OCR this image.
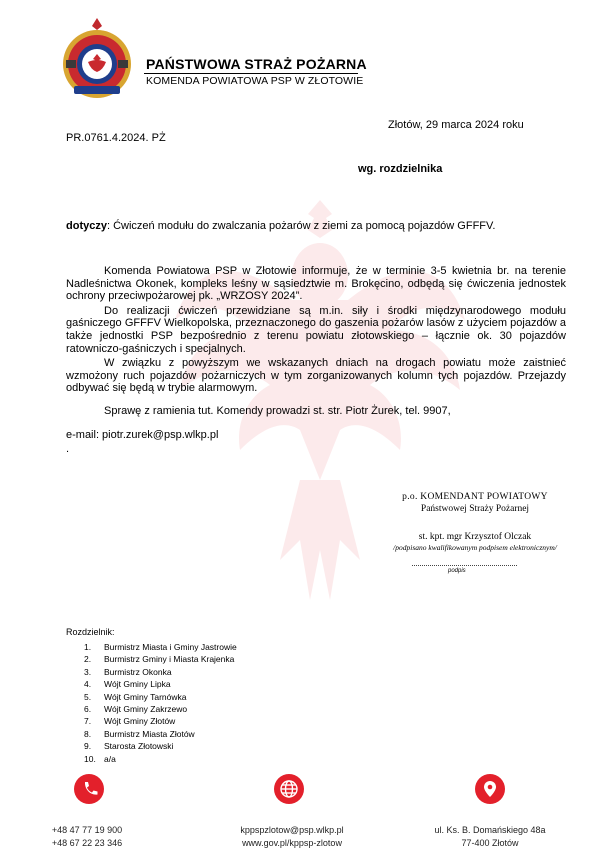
PAŃSTWOWA STRAŻ POŻARNA
KOMENDA POWIATOWA PSP W ZŁOTOWIE
Złotów, 29 marca 2024 roku
PR.0761.4.2024. PŻ
wg. rozdzielnika
dotyczy: Ćwiczeń modułu do zwalczania pożarów z ziemi za pomocą pojazdów GFFFV.

Komenda Powiatowa PSP w Złotowie informuje, że w terminie 3-5 kwietnia br. na terenie Nadleśnictwa Okonek, kompleks leśny w sąsiedztwie m. Brokęcino, odbędą się ćwiczenia jednostek ochrony przeciwpożarowej pk. „WRZOSY 2024”.

Do realizacji ćwiczeń przewidziane są m.in. siły i środki międzynarodowego modułu gaśniczego GFFFV Wielkopolska, przeznaczonego do gaszenia pożarów lasów z użyciem pojazdów a także jednostki PSP bezpośrednio z terenu powiatu złotowskiego – łącznie ok. 30 pojazdów ratowniczo-gaśniczych i specjalnych.

W związku z powyższym we wskazanych dniach na drogach powiatu może zaistnieć wzmożony ruch pojazdów pożarniczych w tym zorganizowanych kolumn tych pojazdów. Przejazdy odbywać się będą w trybie alarmowym.

Sprawę z ramienia tut. Komendy prowadzi st. str. Piotr Żurek, tel. 9907,

e-mail: piotr.zurek@psp.wlkp.pl
.
p.o. KOMENDANT POWIATOWY
Państwowej Straży Pożarnej
st. kpt. mgr Krzysztof Olczak
/podpisano kwalifikowanym podpisem elektronicznym/
podpis
Rozdzielnik:
1.	Burmistrz Miasta i Gminy Jastrowie
2.	Burmistrz Gminy i Miasta Krajenka
3.	Burmistrz Okonka
4.	Wójt Gminy Lipka
5.	Wójt Gminy Tarnówka
6.	Wójt Gminy Zakrzewo
7.	Wójt Gminy Złotów
8.	Burmistrz Miasta Złotów
9.	Starosta Złotowski
10. a/a
+48 47 77 19 900
+48 67 22 23 346
kppspzlotow@psp.wlkp.pl
www.gov.pl/kppsp-zlotow
ul. Ks. B. Domańskiego 48a
77-400 Złotów
